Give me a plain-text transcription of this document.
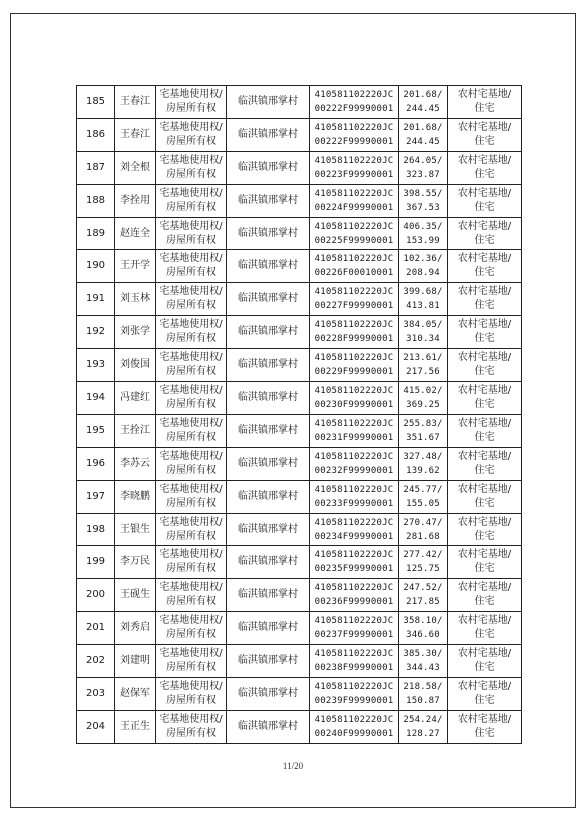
185	王春江	宅基地使用权/
房屋所有权	临淇镇邢掌村	410581102220JC
00222F99990001	201.68/
244.45	农村宅基地/
住宅

186	王春江	宅基地使用权/
房屋所有权	临淇镇邢掌村	410581102220JC
00222F99990001	201.68/
244.45	农村宅基地/
住宅

187	刘全根	宅基地使用权/
房屋所有权	临淇镇邢掌村	410581102220JC
00223F99990001	264.05/
323.87	农村宅基地/
住宅

188	李拴用	宅基地使用权/
房屋所有权	临淇镇邢掌村	410581102220JC
00224F99990001	398.55/
367.53	农村宅基地/
住宅

189	赵连全	宅基地使用权/
房屋所有权	临淇镇邢掌村	410581102220JC
00225F99990001	406.35/
153.99	农村宅基地/
住宅

190	王开学	宅基地使用权/
房屋所有权	临淇镇邢掌村	410581102220JC
00226F00010001	102.36/
208.94	农村宅基地/
住宅

191	刘玉林	宅基地使用权/
房屋所有权	临淇镇邢掌村	410581102220JC
00227F99990001	399.68/
413.81	农村宅基地/
住宅

192	刘张学	宅基地使用权/
房屋所有权	临淇镇邢掌村	410581102220JC
00228F99990001	384.05/
310.34	农村宅基地/
住宅

193	刘俊国	宅基地使用权/
房屋所有权	临淇镇邢掌村	410581102220JC
00229F99990001	213.61/
217.56	农村宅基地/
住宅

194	冯建红	宅基地使用权/
房屋所有权	临淇镇邢掌村	410581102220JC
00230F99990001	415.02/
369.25	农村宅基地/
住宅

195	王拴江	宅基地使用权/
房屋所有权	临淇镇邢掌村	410581102220JC
00231F99990001	255.83/
351.67	农村宅基地/
住宅

196	李苏云	宅基地使用权/
房屋所有权	临淇镇邢掌村	410581102220JC
00232F99990001	327.48/
139.62	农村宅基地/
住宅

197	李晓鹏	宅基地使用权/
房屋所有权	临淇镇邢掌村	410581102220JC
00233F99990001	245.77/
155.05	农村宅基地/
住宅

198	王银生	宅基地使用权/
房屋所有权	临淇镇邢掌村	410581102220JC
00234F99990001	270.47/
281.68	农村宅基地/
住宅

199	李万民	宅基地使用权/
房屋所有权	临淇镇邢掌村	410581102220JC
00235F99990001	277.42/
125.75	农村宅基地/
住宅

200	王砚生	宅基地使用权/
房屋所有权	临淇镇邢掌村	410581102220JC
00236F99990001	247.52/
217.85	农村宅基地/
住宅

201	刘秀启	宅基地使用权/
房屋所有权	临淇镇邢掌村	410581102220JC
00237F99990001	358.10/
346.60	农村宅基地/
住宅

202	刘建明	宅基地使用权/
房屋所有权	临淇镇邢掌村	410581102220JC
00238F99990001	385.30/
344.43	农村宅基地/
住宅

203	赵保军	宅基地使用权/
房屋所有权	临淇镇邢掌村	410581102220JC
00239F99990001	218.58/
150.87	农村宅基地/
住宅

204	王正生	宅基地使用权/
房屋所有权	临淇镇邢掌村	410581102220JC
00240F99990001	254.24/
128.27	农村宅基地/
住宅
11/20
